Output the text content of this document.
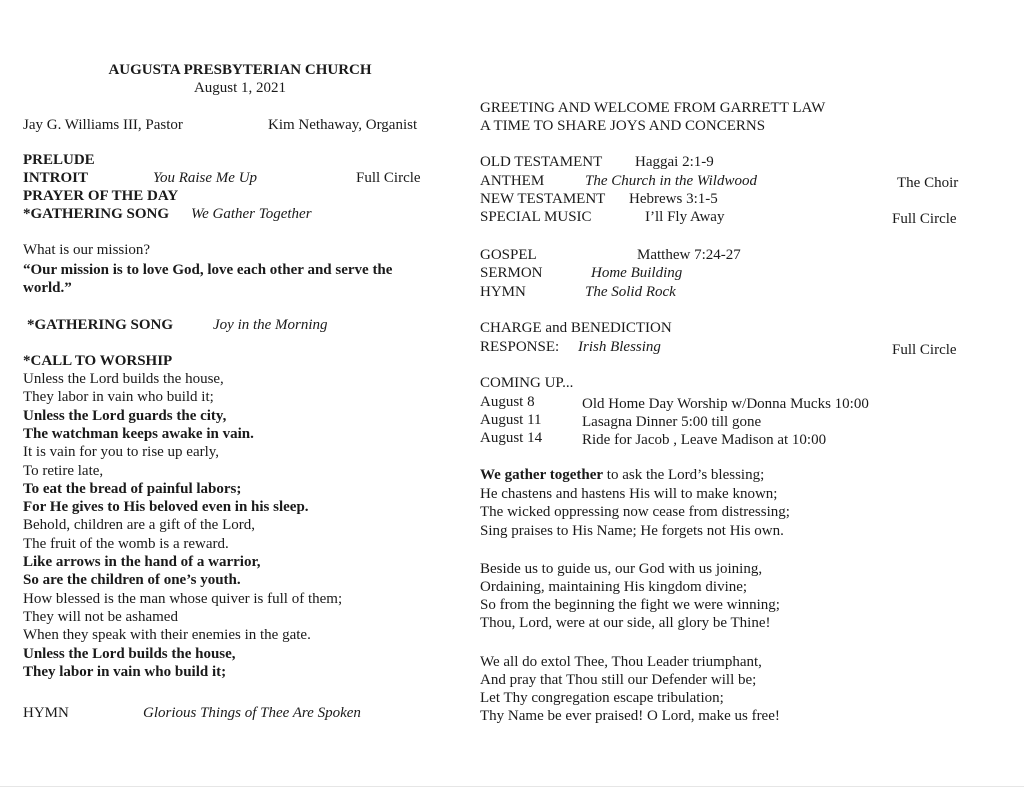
AUGUSTA PRESBYTERIAN CHURCH
August 1, 2021
Jay G. Williams III, Pastor	Kim Nethaway, Organist
PRELUDE
INTROIT	You Raise Me Up	Full Circle
PRAYER OF THE DAY
*GATHERING SONG We Gather Together
What is our mission?
“Our mission is to love God, love each other and serve the
world.”
*GATHERING SONG	Joy in the Morning
*CALL TO WORSHIP
Unless the Lord builds the house,
They labor in vain who build it;
Unless the Lord guards the city,
The watchman keeps awake in vain.
It is vain for you to rise up early,
To retire late,
To eat the bread of painful labors;
For He gives to His beloved even in his sleep.
Behold, children are a gift of the Lord,
The fruit of the womb is a reward.
Like arrows in the hand of a warrior,
So are the children of one’s youth.
How blessed is the man whose quiver is full of them;
They will not be ashamed
When they speak with their enemies in the gate.
Unless the Lord builds the house,
They labor in vain who build it;
HYMN	Glorious Things of Thee Are Spoken
GREETING AND WELCOME FROM GARRETT LAW
A TIME TO SHARE JOYS AND CONCERNS
OLD TESTAMENT Haggai 2:1-9
ANTHEM	The Church in the Wildwood	The Choir
NEW TESTAMENT Hebrews 3:1-5
SPECIAL MUSIC	I’ll Fly Away	Full Circle
GOSPEL	Matthew 7:24-27
SERMON	Home Building
HYMN	The Solid Rock
CHARGE and BENEDICTION
RESPONSE: Irish Blessing	Full Circle
COMING UP...
August 8	Old Home Day Worship w/Donna Mucks 10:00
August 11	Lasagna Dinner 5:00 till gone
August 14	Ride for Jacob , Leave Madison at 10:00
We gather together to ask the Lord’s blessing;
He chastens and hastens His will to make known;
The wicked oppressing now cease from distressing;
Sing praises to His Name; He forgets not His own.
Beside us to guide us, our God with us joining,
Ordaining, maintaining His kingdom divine;
So from the beginning the fight we were winning;
Thou, Lord, were at our side, all glory be Thine!
We all do extol Thee, Thou Leader triumphant,
And pray that Thou still our Defender will be;
Let Thy congregation escape tribulation;
Thy Name be ever praised! O Lord, make us free!
